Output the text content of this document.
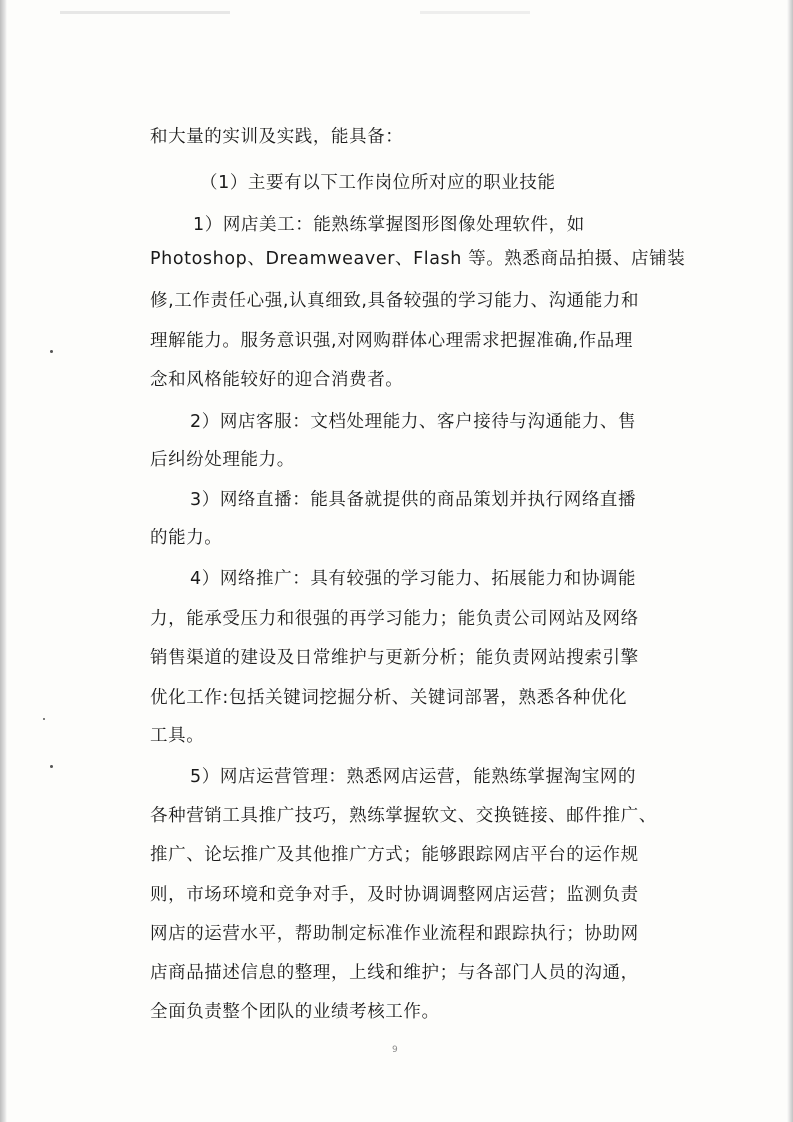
和大量的实训及实践，能具备：
（1）主要有以下工作岗位所对应的职业技能
1）网店美工：能熟练掌握图形图像处理软件，如
Photoshop、Dreamweaver、Flash 等。熟悉商品拍摄、店铺装
修,工作责任心强,认真细致,具备较强的学习能力、沟通能力和
理解能力。服务意识强,对网购群体心理需求把握准确,作品理
念和风格能较好的迎合消费者。
2）网店客服：文档处理能力、客户接待与沟通能力、售
后纠纷处理能力。
3）网络直播：能具备就提供的商品策划并执行网络直播
的能力。
4）网络推广：具有较强的学习能力、拓展能力和协调能
力，能承受压力和很强的再学习能力；能负责公司网站及网络
销售渠道的建设及日常维护与更新分析；能负责网站搜索引擎
优化工作:包括关键词挖掘分析、关键词部署，熟悉各种优化
工具。
5）网店运营管理：熟悉网店运营，能熟练掌握淘宝网的
各种营销工具推广技巧，熟练掌握软文、交换链接、邮件推广、
推广、论坛推广及其他推广方式；能够跟踪网店平台的运作规
则，市场环境和竞争对手，及时协调调整网店运营；监测负责
网店的运营水平，帮助制定标准作业流程和跟踪执行；协助网
店商品描述信息的整理，上线和维护；与各部门人员的沟通，
全面负责整个团队的业绩考核工作。
9
